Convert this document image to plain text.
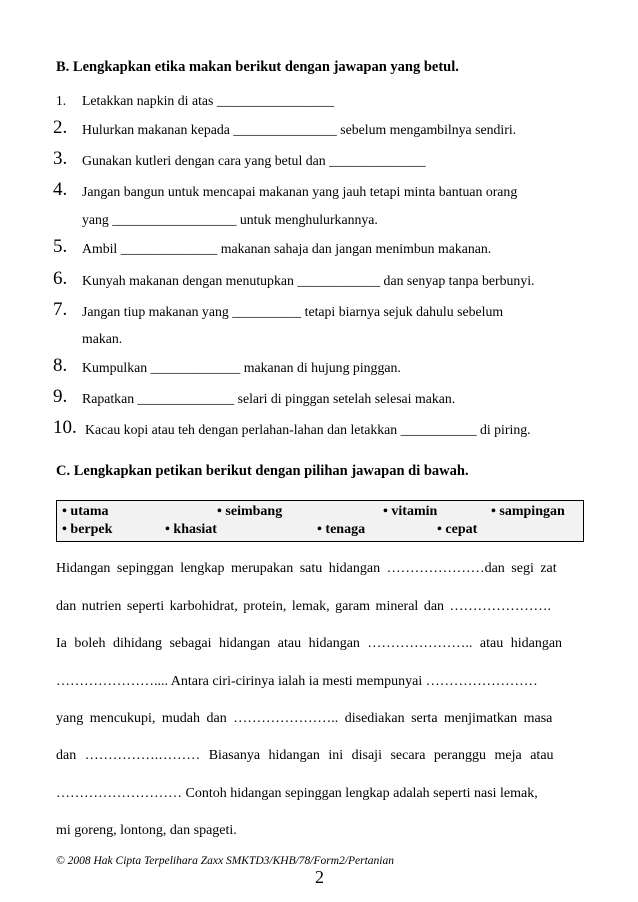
B. Lengkapkan etika makan berikut dengan jawapan yang betul.
1. Letakkan napkin di atas _________________
2. Hulurkan makanan kepada _______________ sebelum mengambilnya sendiri.
3. Gunakan kutleri dengan cara yang betul dan ______________
4. Jangan bangun untuk mencapai makanan yang jauh tetapi minta bantuan orang
yang __________________ untuk menghulurkannya.
5. Ambil ______________ makanan sahaja dan jangan menimbun makanan.
6. Kunyah makanan dengan menutupkan ____________ dan senyap tanpa berbunyi.
7. Jangan tiup makanan yang __________ tetapi biarnya sejuk dahulu sebelum
makan.
8. Kumpulkan _____________ makanan di hujung pinggan.
9. Rapatkan ______________ selari di pinggan setelah selesai makan.
10. Kacau kopi atau teh dengan perlahan-lahan dan letakkan ___________ di piring.
C. Lengkapkan petikan berikut dengan pilihan jawapan di bawah.
• utama	• seimbang	• vitamin	• sampingan
• berpek	• khasiat	• tenaga	• cepat
Hidangan sepinggan lengkap merupakan satu hidangan …………………dan segi zat
dan nutrien seperti karbohidrat, protein, lemak, garam mineral dan ………………….
Ia boleh dihidang sebagai hidangan atau hidangan ………………….. atau hidangan
………………….... Antara ciri-cirinya ialah ia mesti mempunyai ……………………
yang mencukupi, mudah dan ………………….. disediakan serta menjimatkan masa
dan …………….……… Biasanya hidangan ini disaji secara peranggu meja atau
……………………… Contoh hidangan sepinggan lengkap adalah seperti nasi lemak,
mi goreng, lontong, dan spageti.
© 2008 Hak Cipta Terpelihara Zaxx SMKTD3/KHB/78/Form2/Pertanian
2
